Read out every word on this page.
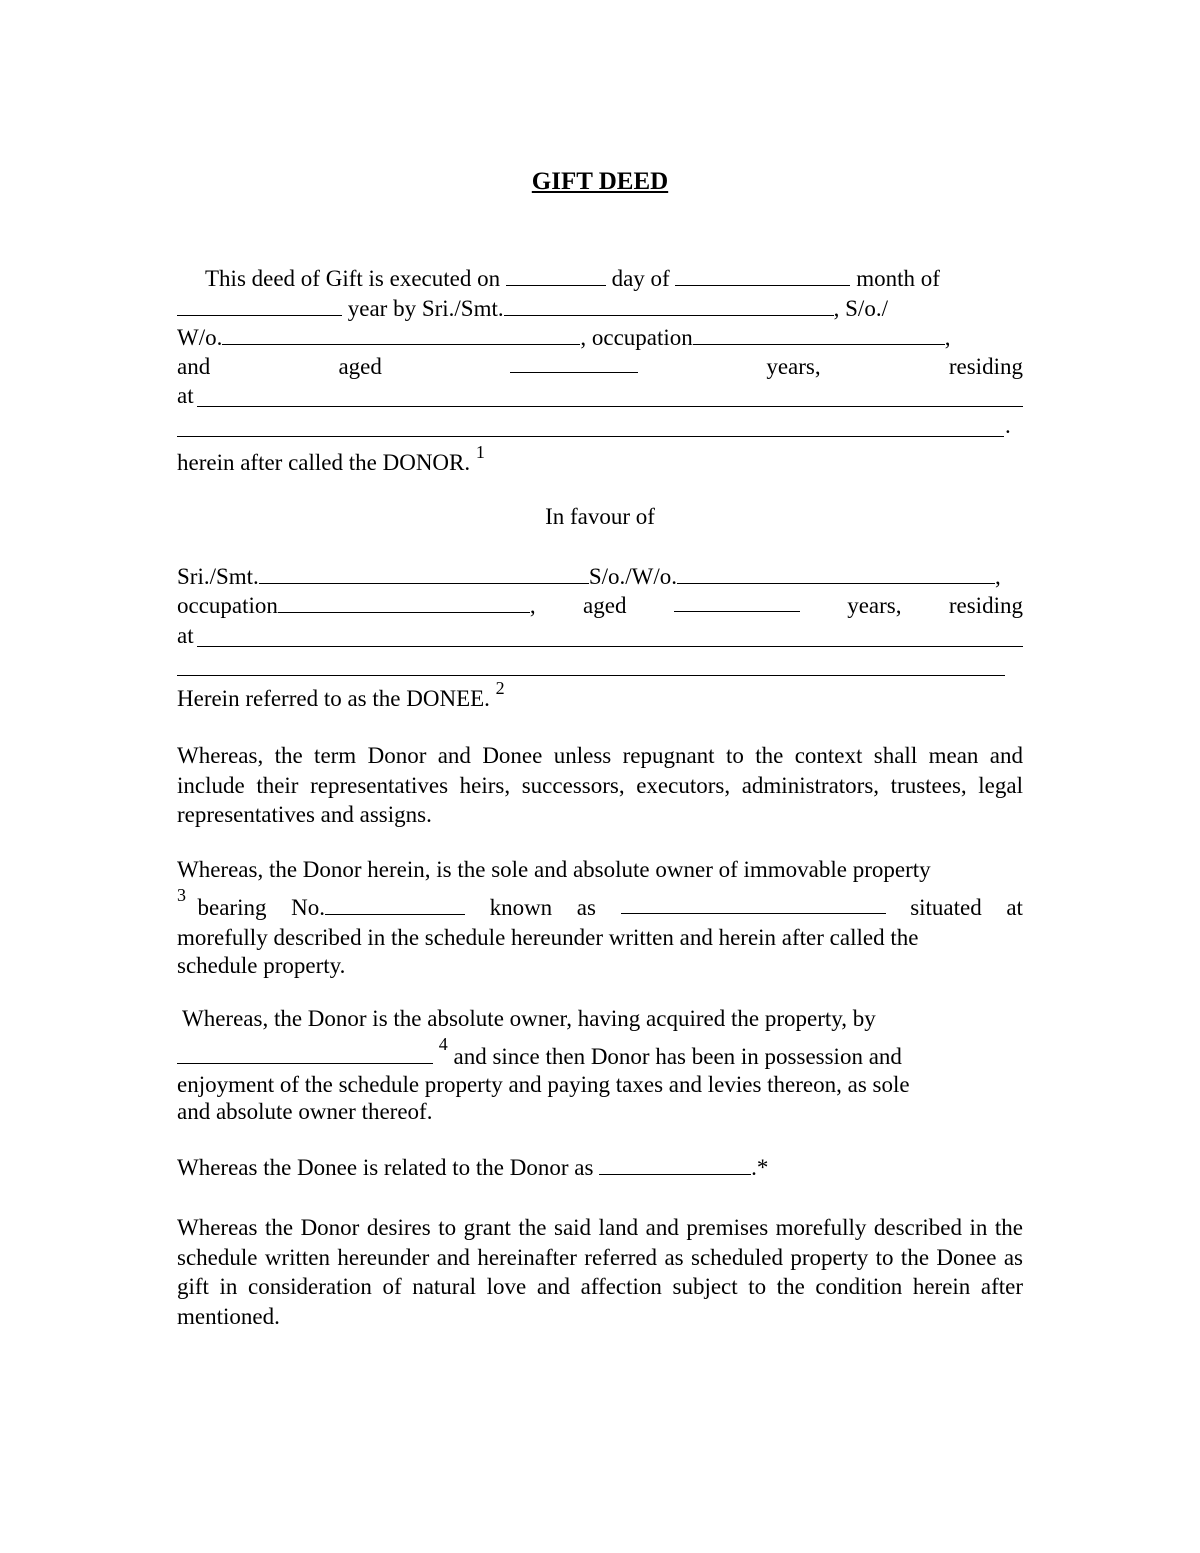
GIFT DEED
This deed of Gift is executed on	day of	month of
year by Sri./Smt.	, S/o./
W/o.	, occupation	,
and	aged	years,	residing
at
.
herein after called the DONOR. $^1$
In favour of
Sri./Smt.	S/o./W/o.	,
occupation	, aged	years, residing
at
Herein referred to as the DONEE. $^2$
Whereas, the term Donor and Donee unless repugnant to the context shall mean and include their representatives heirs, successors, executors, administrators, trustees, legal representatives and assigns.
Whereas, the Donor herein, is the sole and absolute owner of immovable property
$^3$ bearing No.	known as	situated at
morefully described in the schedule hereunder written and herein after called the
schedule property.
Whereas, the Donor is the absolute owner, having acquired the property, by
$^4$ and since then Donor has been in possession and
enjoyment of the schedule property and paying taxes and levies thereon, as sole
and absolute owner thereof.
Whereas the Donee is related to the Donor as	.*
Whereas the Donor desires to grant the said land and premises morefully described in the schedule written hereunder and hereinafter referred as scheduled property to the Donee as gift in consideration of natural love and affection subject to the condition herein after mentioned.
